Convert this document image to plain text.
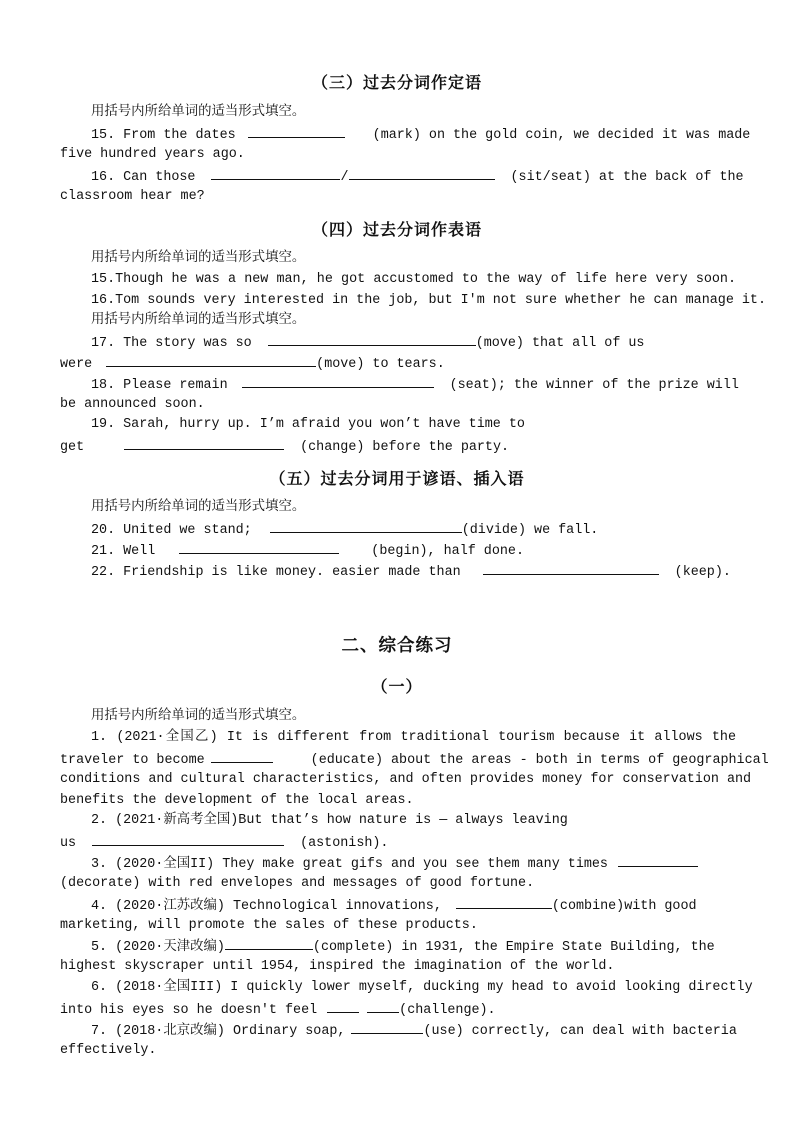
（三）过去分词作定语
用括号内所给单词的适当形式填空。
15. From the dates	(mark) on the gold coin, we decided it was made
five hundred years ago.
16. Can those	/	(sit/seat) at the back of the
classroom hear me?
（四）过去分词作表语
用括号内所给单词的适当形式填空。
15.Though he was a new man, he got accustomed to the way of life here very soon.
16.Tom sounds very interested in the job, but I'm not sure whether he can manage it.
用括号内所给单词的适当形式填空。
17. The story was so	(move) that all of us
were	(move) to tears.
18. Please remain	(seat); the winner of the prize will
be announced soon.
19. Sarah, hurry up. I’m afraid you won’t have time to
get	(change) before the party.
（五）过去分词用于谚语、插入语
用括号内所给单词的适当形式填空。
20. United we stand;	(divide) we fall.
21. Well	(begin), half done.
22. Friendship is like money. easier made than	(keep).
二、综合练习
（一）
用括号内所给单词的适当形式填空。
1. (2021·全国乙) It is different from traditional tourism because it allows the
traveler to become	(educate) about the areas - both in terms of geographical
conditions and cultural characteristics, and often provides money for conservation and
benefits the development of the local areas.
2. (2021·新高考全国)But that’s how nature is — always leaving
us	(astonish).
3. (2020·全国II) They make great gifs and you see them many times
(decorate) with red envelopes and messages of good fortune.
4. (2020·江苏改编) Technological innovations,	(combine)with good
marketing, will promote the sales of these products.
5. (2020·天津改编)	(complete) in 1931, the Empire State Building, the
highest skyscraper until 1954, inspired the imagination of the world.
6. (2018·全国III) I quickly lower myself, ducking my head to avoid looking directly
into his eyes so he doesn't feel	(challenge).
7. (2018·北京改编) Ordinary soap,	(use) correctly, can deal with bacteria
effectively.
